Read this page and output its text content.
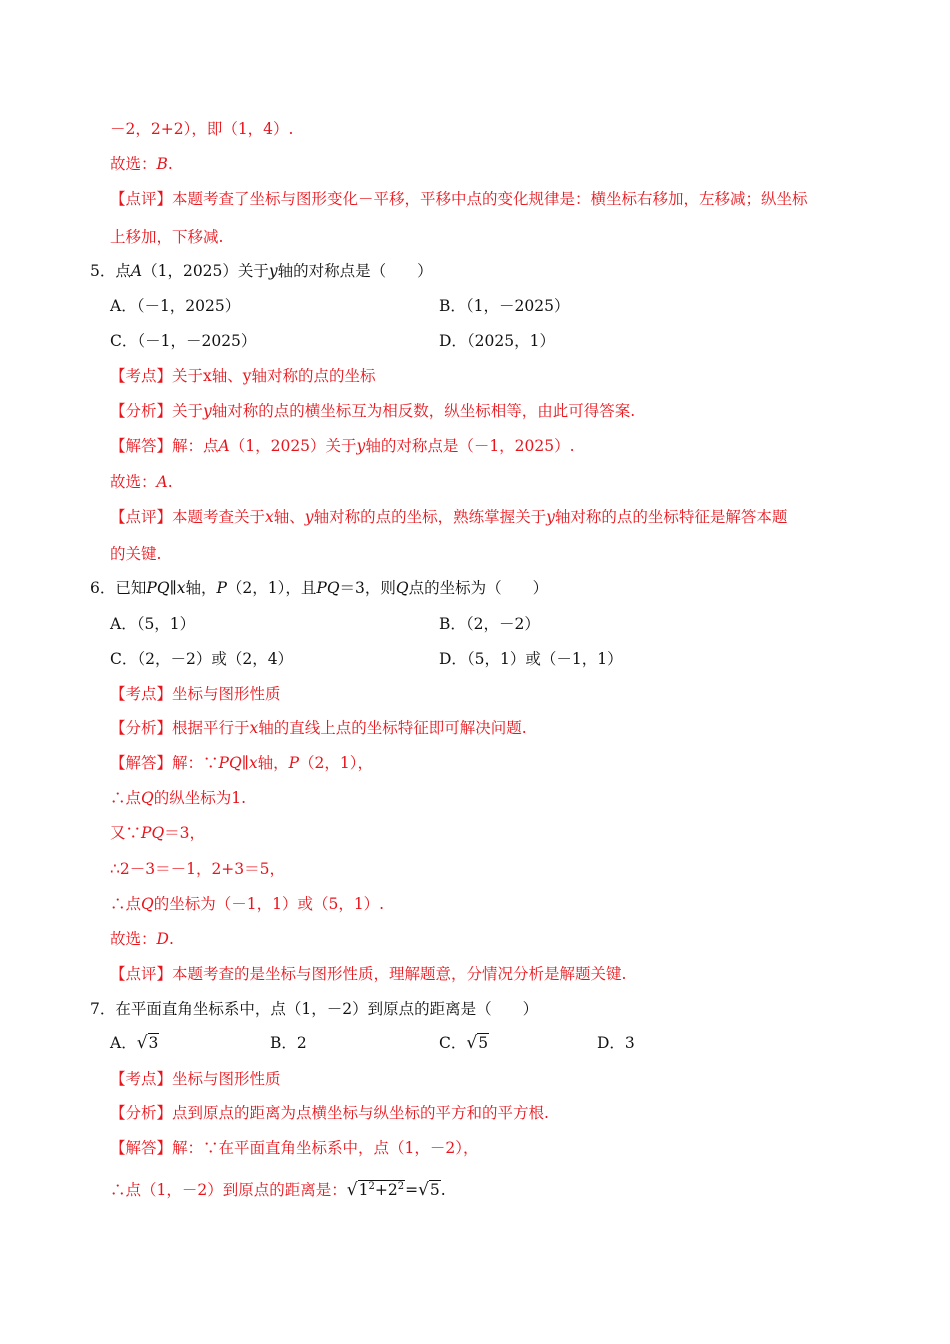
－2，2+2），即（1，4）.
故选：B.
【点评】本题考查了坐标与图形变化－平移，平移中点的变化规律是：横坐标右移加，左移减；纵坐标
上移加，下移减.
5．点A（1，2025）关于y轴的对称点是（　　）
A．（－1，2025）	B．（1，－2025）
C．（－1，－2025）	D．（2025，1）
【考点】关于x轴、y轴对称的点的坐标
【分析】关于y轴对称的点的横坐标互为相反数，纵坐标相等，由此可得答案.
【解答】解：点A（1，2025）关于y轴的对称点是（－1，2025）.
故选：A.
【点评】本题考查关于x轴、y轴对称的点的坐标，熟练掌握关于y轴对称的点的坐标特征是解答本题
的关键.
6．已知PQ∥x轴，P（2，1），且PQ＝3，则Q点的坐标为（　　）
A．（5，1）	B．（2，－2）
C．（2，－2）或（2，4）	D．（5，1）或（－1，1）
【考点】坐标与图形性质
【分析】根据平行于x轴的直线上点的坐标特征即可解决问题.
【解答】解：∵PQ∥x轴，P（2，1），
∴点Q的纵坐标为1.
又∵PQ＝3，
∴2－3＝－1，2+3＝5，
∴点Q的坐标为（－1，1）或（5，1）.
故选：D.
【点评】本题考查的是坐标与图形性质，理解题意，分情况分析是解题关键.
7．在平面直角坐标系中，点（1，－2）到原点的距离是（　　）
A．√3	B．2	C．√5	D．3
【考点】坐标与图形性质
【分析】点到原点的距离为点横坐标与纵坐标的平方和的平方根.
【解答】解：∵在平面直角坐标系中，点（1，－2），
∴点（1，－2）到原点的距离是：$√1^2+2^2=√5$.
